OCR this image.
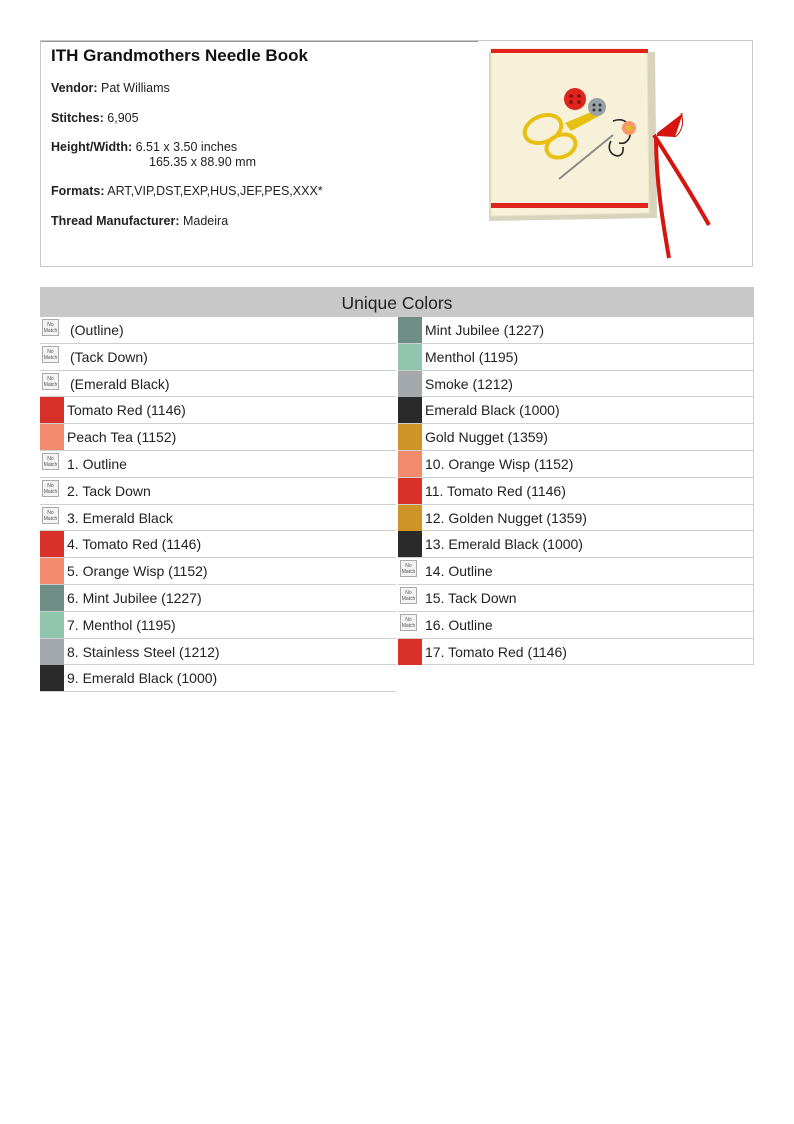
ITH Grandmothers Needle Book
Vendor: Pat Williams
Stitches: 6,905
Height/Width: 6.51 x 3.50 inches
165.35 x 88.90 mm
Formats: ART,VIP,DST,EXP,HUS,JEF,PES,XXX*
Thread Manufacturer: Madeira
Unique Colors
No Match (Outline)
No Match (Tack Down)
No Match (Emerald Black)
Tomato Red (1146)
Peach Tea (1152)
No Match 1. Outline
No Match 2. Tack Down
No Match 3. Emerald Black
4. Tomato Red (1146)
5. Orange Wisp (1152)
6. Mint Jubilee (1227)
7. Menthol (1195)
8. Stainless Steel (1212)
9. Emerald Black (1000)
Mint Jubilee (1227)
Menthol (1195)
Smoke (1212)
Emerald Black (1000)
Gold Nugget (1359)
10. Orange Wisp (1152)
11. Tomato Red (1146)
12. Golden Nugget (1359)
13. Emerald Black (1000)
No Match 14. Outline
No Match 15. Tack Down
No Match 16. Outline
17. Tomato Red (1146)
